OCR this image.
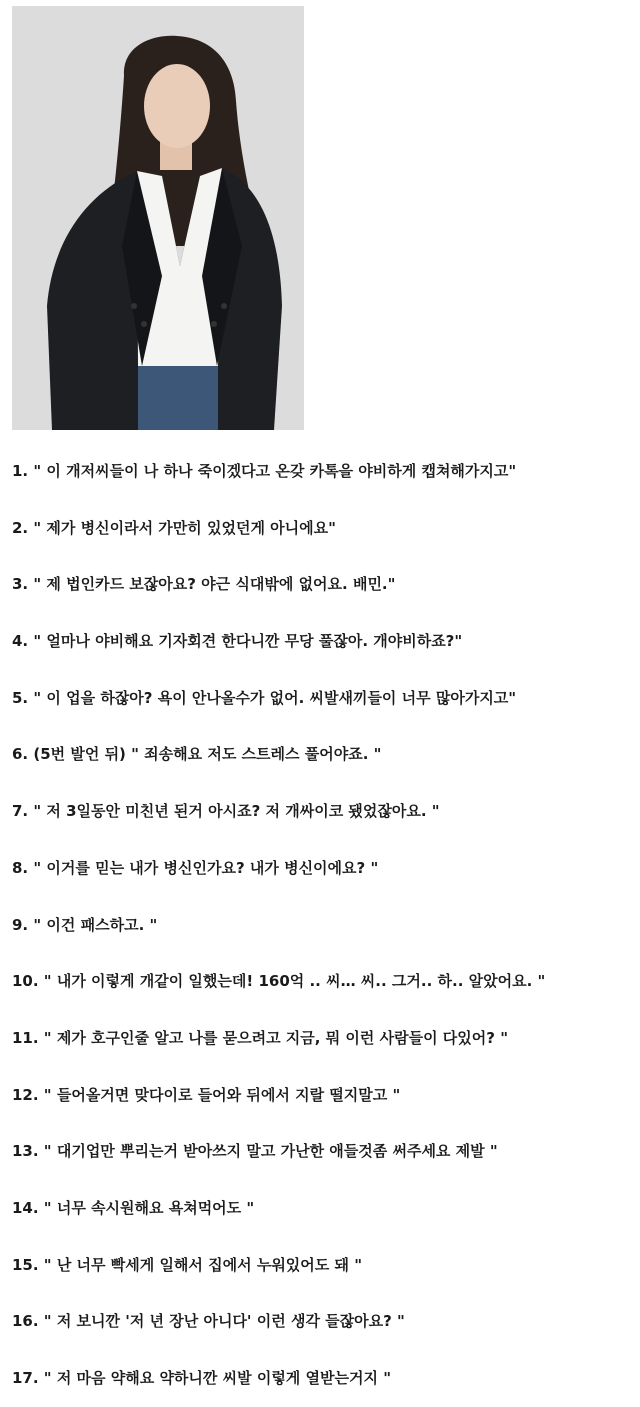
1. " 이 개저씨들이 나 하나 죽이겠다고 온갖 카톡을 야비하게 캡쳐해가지고"
2. " 제가 병신이라서 가만히 있었던게 아니에요"
3. " 제 법인카드 보잖아요? 야근 식대밖에 없어요. 배민."
4. " 얼마나 야비해요 기자회견 한다니깐 무당 풀잖아. 개야비하죠?"
5. " 이 업을 하잖아? 욕이 안나올수가 없어. 씨발새끼들이 너무 많아가지고"
6. (5번 발언 뒤) " 죄송해요 저도 스트레스 풀어야죠. "
7. " 저 3일동안 미친년 된거 아시죠? 저 개싸이코 됐었잖아요. "
8. " 이거를 믿는 내가 병신인가요? 내가 병신이에요? "
9. " 이건 패스하고. "
10. " 내가 이렇게 개같이 일했는데! 160억 .. 씨… 씨.. 그거.. 하.. 알았어요. "
11. " 제가 호구인줄 알고 나를 묻으려고 지금, 뭐 이런 사람들이 다있어? "
12. " 들어올거면 맞다이로 들어와 뒤에서 지랄 떨지말고 "
13. " 대기업만 뿌리는거 받아쓰지 말고 가난한 애들것좀 써주세요 제발 "
14. " 너무 속시원해요 욕쳐먹어도 "
15. " 난 너무 빡세게 일해서 집에서 누워있어도 돼 "
16. " 저 보니깐 '저 년 장난 아니다' 이런 생각 들잖아요? "
17. " 저 마음 약해요 약하니깐 씨발 이렇게 열받는거지 "
